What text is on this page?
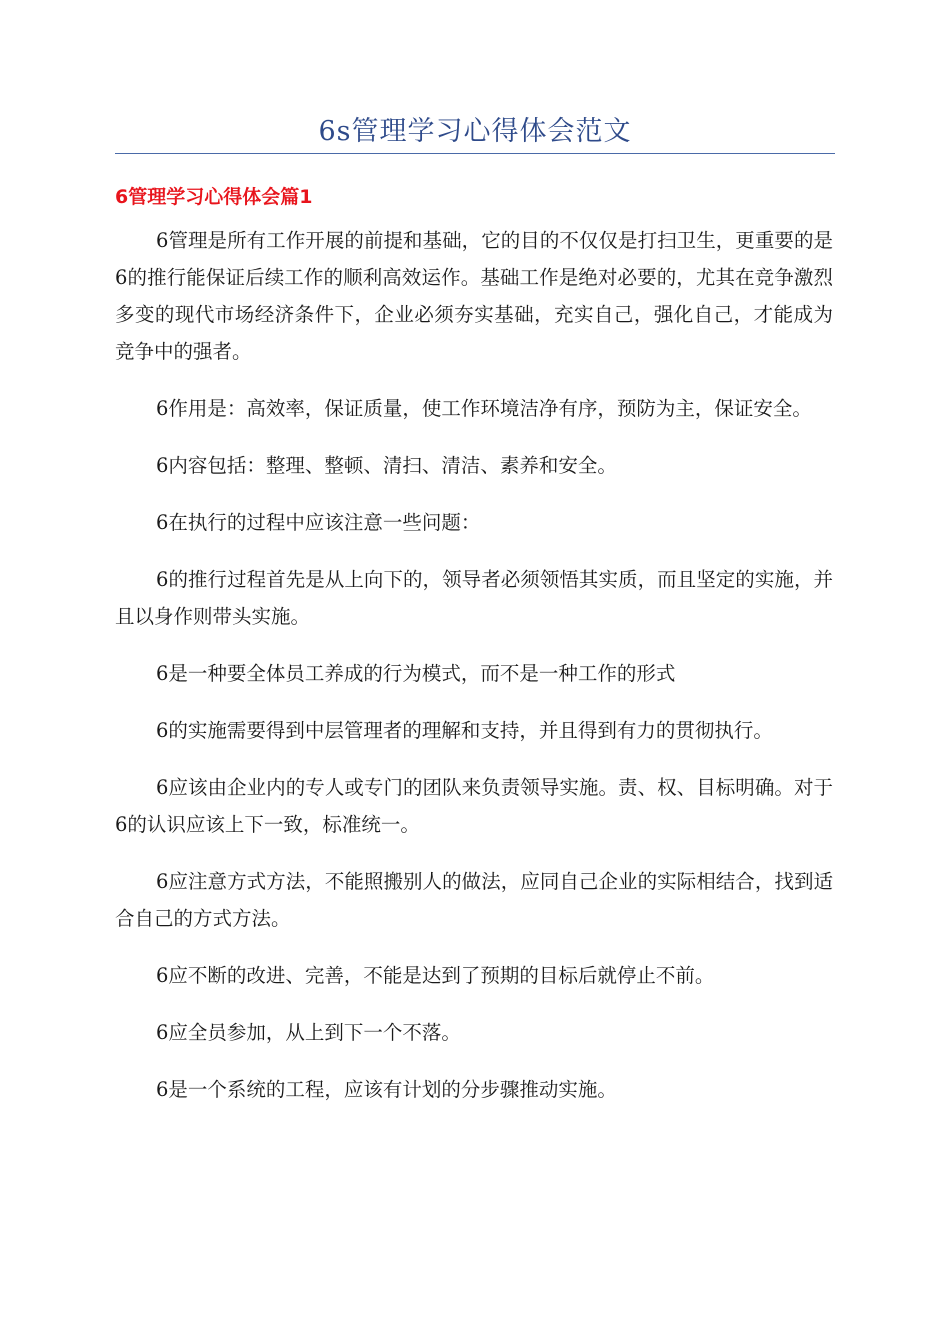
6s管理学习心得体会范文
6管理学习心得体会篇1

6管理是所有工作开展的前提和基础，它的目的不仅仅是打扫卫生，更重要的是6的推行能保证后续工作的顺利高效运作。基础工作是绝对必要的，尤其在竞争激烈多变的现代市场经济条件下，企业必须夯实基础，充实自己，强化自己，才能成为竞争中的强者。

6作用是：高效率，保证质量，使工作环境洁净有序，预防为主，保证安全。

6内容包括：整理、整顿、清扫、清洁、素养和安全。

6在执行的过程中应该注意一些问题：

6的推行过程首先是从上向下的，领导者必须领悟其实质，而且坚定的实施，并且以身作则带头实施。

6是一种要全体员工养成的行为模式，而不是一种工作的形式

6的实施需要得到中层管理者的理解和支持，并且得到有力的贯彻执行。

6应该由企业内的专人或专门的团队来负责领导实施。责、权、目标明确。对于6的认识应该上下一致，标准统一。

6应注意方式方法，不能照搬别人的做法，应同自己企业的实际相结合，找到适合自己的方式方法。

6应不断的改进、完善，不能是达到了预期的目标后就停止不前。

6应全员参加，从上到下一个不落。

6是一个系统的工程，应该有计划的分步骤推动实施。
